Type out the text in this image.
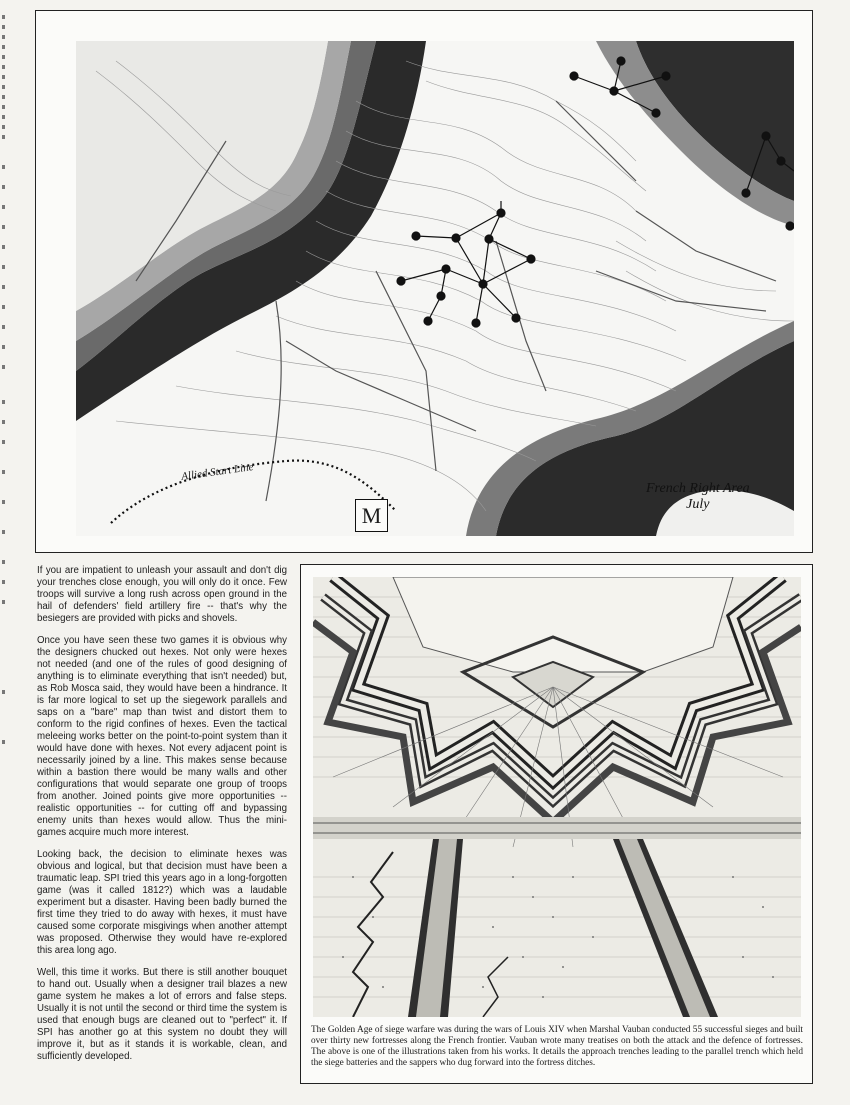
Allied Start Line
French Right Area
July
M

If you are impatient to unleash your assault and don't dig your trenches close enough, you will only do it once. Few troops will survive a long rush across open ground in the hail of defenders' field artillery fire -- that's why the besiegers are provided with picks and shovels.

Once you have seen these two games it is obvious why the designers chucked out hexes. Not only were hexes not needed (and one of the rules of good designing of anything is to eliminate everything that isn't needed) but, as Rob Mosca said, they would have been a hindrance. It is far more logical to set up the siegework parallels and saps on a "bare" map than twist and distort them to conform to the rigid confines of hexes. Even the tactical meleeing works better on the point-to-point system than it would have done with hexes. Not every adjacent point is necessarily joined by a line. This makes sense because within a bastion there would be many walls and other configurations that would separate one group of troops from another. Joined points give more opportunities -- realistic opportunities -- for cutting off and bypassing enemy units than hexes would allow. Thus the mini-games acquire much more interest.

Looking back, the decision to eliminate hexes was obvious and logical, but that decision must have been a traumatic leap. SPI tried this years ago in a long-forgotten game (was it called 1812?) which was a laudable experiment but a disaster. Having been badly burned the first time they tried to do away with hexes, it must have caused some corporate misgivings when another attempt was proposed. Otherwise they would have re-explored this area long ago.

Well, this time it works. But there is still another bouquet to hand out. Usually when a designer trail blazes a new game system he makes a lot of errors and false steps. Usually it is not until the second or third time the system is used that enough bugs are cleaned out to "perfect" it. If SPI has another go at this system no doubt they will improve it, but as it stands it is workable, clean, and sufficiently developed.

The Golden Age of siege warfare was during the wars of Louis XIV when Marshal Vauban conducted 55 successful sieges and built over thirty new fortresses along the French frontier. Vauban wrote many treatises on both the attack and the defence of fortresses. The above is one of the illustrations taken from his works. It details the approach trenches leading to the parallel trench which held the siege batteries and the sappers who dug forward into the fortress ditches.
